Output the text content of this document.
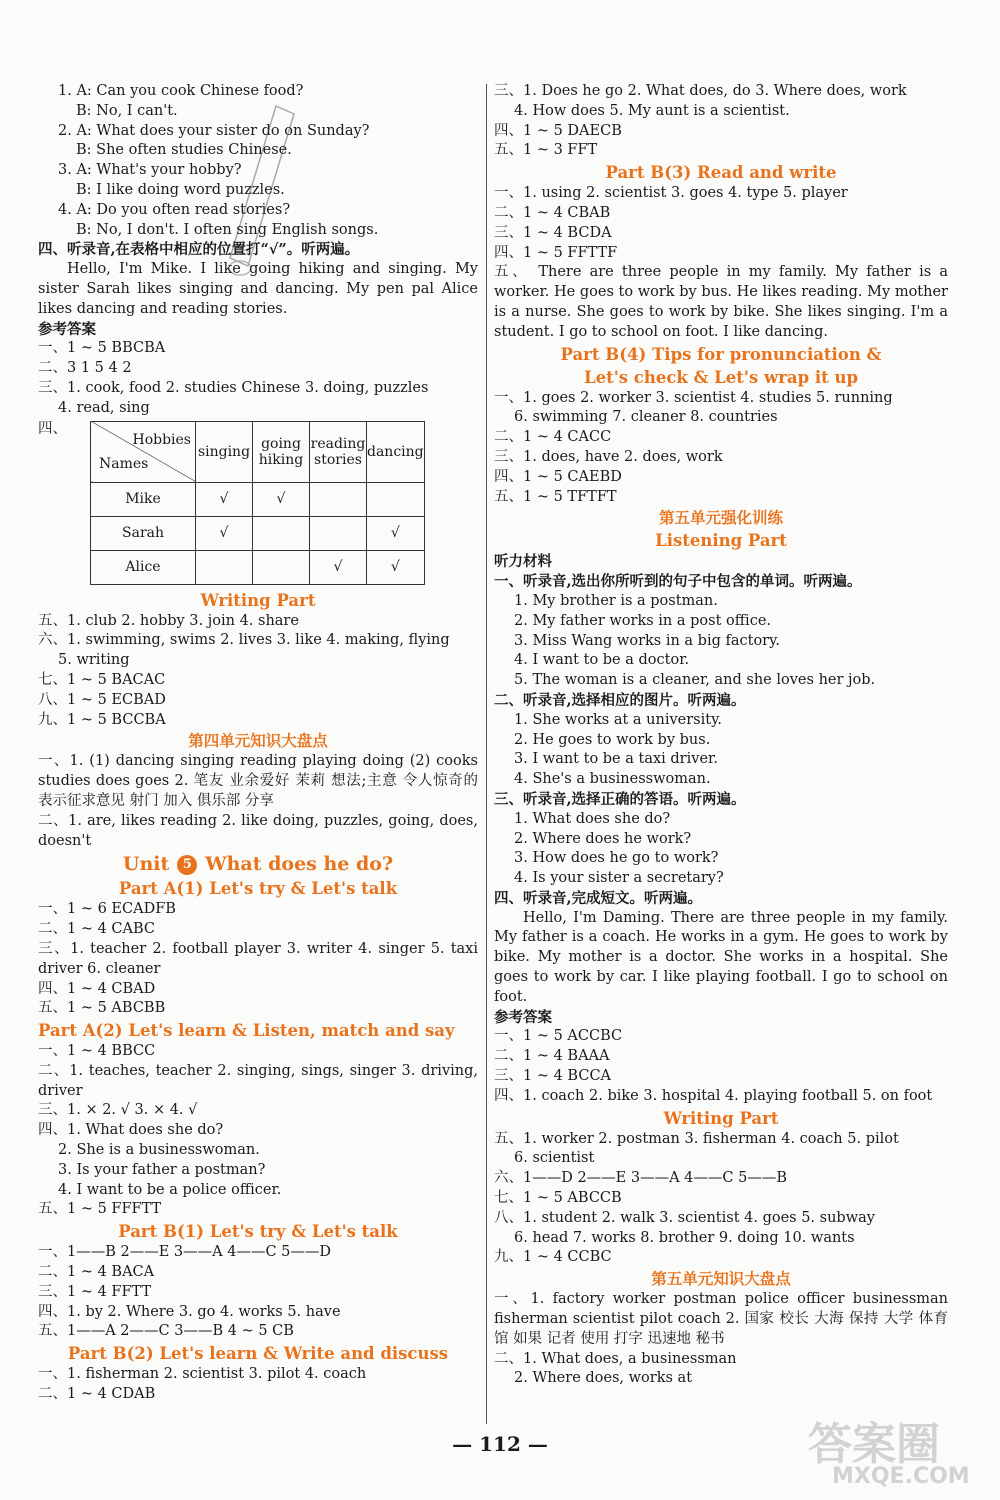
1. A: Can you cook Chinese food?
B: No, I can't.
2. A: What does your sister do on Sunday?
B: She often studies Chinese.
3. A: What's your hobby?
B: I like doing word puzzles.
4. A: Do you often read stories?
B: No, I don't. I often sing English songs.
四、听录音,在表格中相应的位置打“√”。听两遍。
Hello, I'm Mike. I like going hiking and singing. My sister Sarah likes singing and dancing. My pen pal Alice likes dancing and reading stories.
参考答案
一、1 ~ 5 BBCBA
二、3 1 5 4 2
三、1. cook, food 2. studies Chinese 3. doing, puzzles
4. read, sing
四、
Hobbies
Names	singing	going hiking	reading stories	dancing
Mike	√	√		
Sarah	√			√
Alice			√	√
Writing Part
五、1. club 2. hobby 3. join 4. share
六、1. swimming, swims 2. lives 3. like 4. making, flying
5. writing
七、1 ~ 5 BACAC
八、1 ~ 5 ECBAD
九、1 ~ 5 BCCBA
第四单元知识大盘点
一、1. (1) dancing singing reading playing doing (2) cooks studies does goes 2. 笔友 业余爱好 茉莉 想法;主意 令人惊奇的 表示征求意见 射门 加入 俱乐部 分享
二、1. are, likes reading 2. like doing, puzzles, going, does, doesn't
Unit 5 What does he do?
Part A(1) Let's try & Let's talk
一、1 ~ 6 ECADFB
二、1 ~ 4 CABC
三、1. teacher 2. football player 3. writer 4. singer 5. taxi driver 6. cleaner
四、1 ~ 4 CBAD
五、1 ~ 5 ABCBB
Part A(2) Let's learn & Listen, match and say
一、1 ~ 4 BBCC
二、1. teaches, teacher 2. singing, sings, singer 3. driving, driver
三、1. × 2. √ 3. × 4. √
四、1. What does she do?
2. She is a businesswoman.
3. Is your father a postman?
4. I want to be a police officer.
五、1 ~ 5 FFFTT
Part B(1) Let's try & Let's talk
一、1——B 2——E 3——A 4——C 5——D
二、1 ~ 4 BACA
三、1 ~ 4 FFTT
四、1. by 2. Where 3. go 4. works 5. have
五、1——A 2——C 3——B 4 ~ 5 CB
Part B(2) Let's learn & Write and discuss
一、1. fisherman 2. scientist 3. pilot 4. coach
二、1 ~ 4 CDAB
三、1. Does he go 2. What does, do 3. Where does, work
4. How does 5. My aunt is a scientist.
四、1 ~ 5 DAECB
五、1 ~ 3 FFT
Part B(3) Read and write
一、1. using 2. scientist 3. goes 4. type 5. player
二、1 ~ 4 CBAB
三、1 ~ 4 BCDA
四、1 ~ 5 FFTTF
五、 There are three people in my family. My father is a worker. He goes to work by bus. He likes reading. My mother is a nurse. She goes to work by bike. She likes singing. I'm a student. I go to school on foot. I like dancing.
Part B(4) Tips for pronunciation &
Let's check & Let's wrap it up
一、1. goes 2. worker 3. scientist 4. studies 5. running
6. swimming 7. cleaner 8. countries
二、1 ~ 4 CACC
三、1. does, have 2. does, work
四、1 ~ 5 CAEBD
五、1 ~ 5 TFTFT
第五单元强化训练
Listening Part
听力材料
一、听录音,选出你所听到的句子中包含的单词。听两遍。
1. My brother is a postman.
2. My father works in a post office.
3. Miss Wang works in a big factory.
4. I want to be a doctor.
5. The woman is a cleaner, and she loves her job.
二、听录音,选择相应的图片。听两遍。
1. She works at a university.
2. He goes to work by bus.
3. I want to be a taxi driver.
4. She's a businesswoman.
三、听录音,选择正确的答语。听两遍。
1. What does she do?
2. Where does he work?
3. How does he go to work?
4. Is your sister a secretary?
四、听录音,完成短文。听两遍。
Hello, I'm Daming. There are three people in my family. My father is a coach. He works in a gym. He goes to work by bike. My mother is a doctor. She works in a hospital. She goes to work by car. I like playing football. I go to school on foot.
参考答案
一、1 ~ 5 ACCBC
二、1 ~ 4 BAAA
三、1 ~ 4 BCCA
四、1. coach 2. bike 3. hospital 4. playing football 5. on foot
Writing Part
五、1. worker 2. postman 3. fisherman 4. coach 5. pilot
6. scientist
六、1——D 2——E 3——A 4——C 5——B
七、1 ~ 5 ABCCB
八、1. student 2. walk 3. scientist 4. goes 5. subway
6. head 7. works 8. brother 9. doing 10. wants
九、1 ~ 4 CCBC
第五单元知识大盘点
一、1. factory worker postman police officer businessman fisherman scientist pilot coach 2. 国家 校长 大海 保持 大学 体育馆 如果 记者 使用 打字 迅速地 秘书
二、1. What does, a businessman
2. Where does, works at
— 112 —	答案圈
MXQE.COM
